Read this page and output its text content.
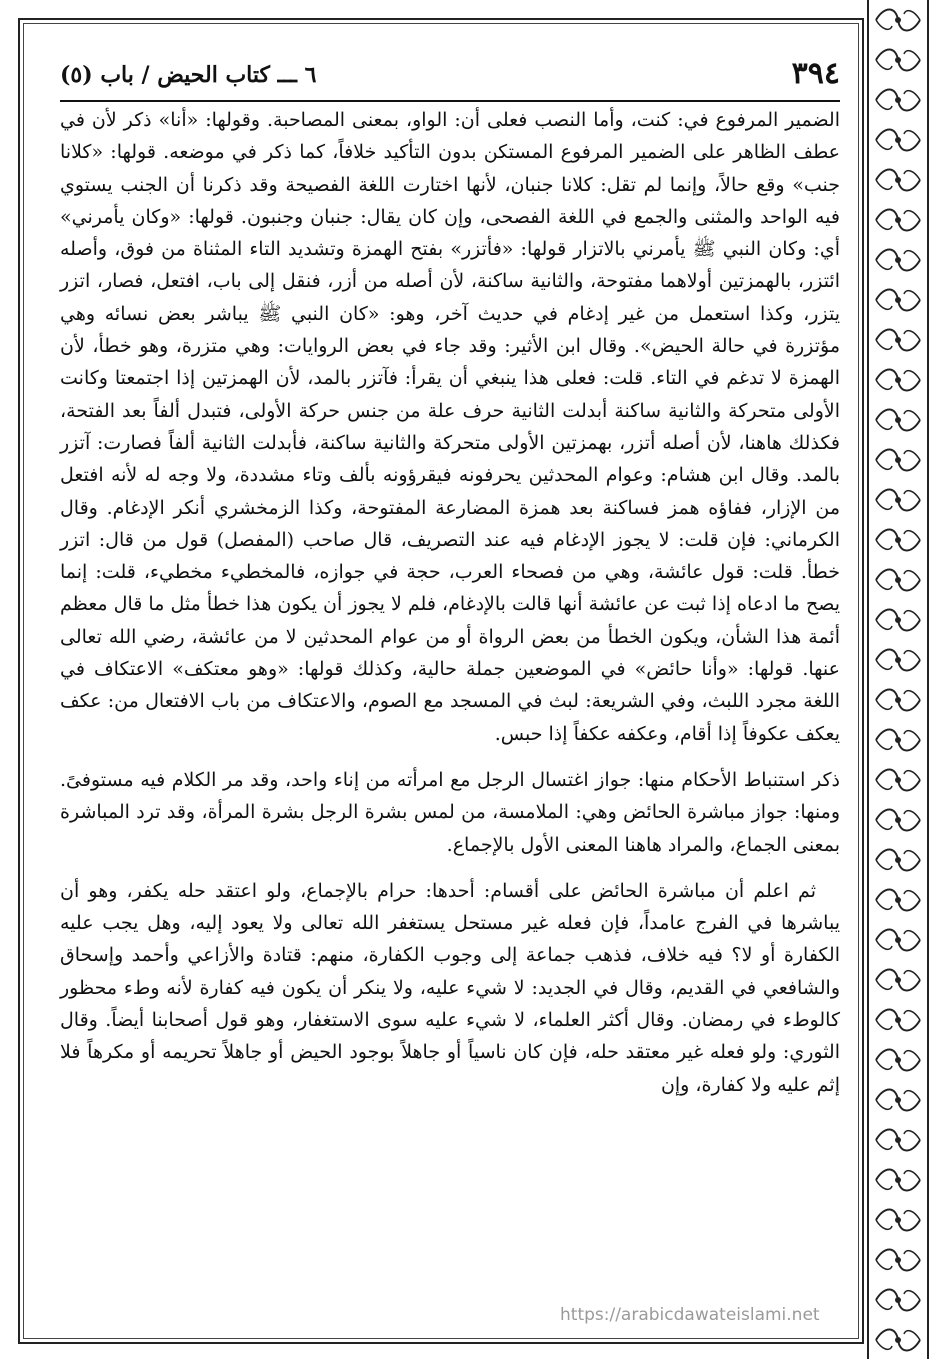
٣٩٤
٦ ـــ كتاب الحيض / باب (٥)

الضمير المرفوع في: كنت، وأما النصب فعلى أن: الواو، بمعنى المصاحبة. وقولها: «أنا» ذكر لأن في عطف الظاهر على الضمير المرفوع المستكن بدون التأكيد خلافاً، كما ذكر في موضعه. قولها: «كلانا جنب» وقع حالاً، وإنما لم تقل: كلانا جنبان، لأنها اختارت اللغة الفصيحة وقد ذكرنا أن الجنب يستوي فيه الواحد والمثنى والجمع في اللغة الفصحى، وإن كان يقال: جنبان وجنبون. قولها: «وكان يأمرني» أي: وكان النبي ﷺ يأمرني بالاتزار قولها: «فأتزر» بفتح الهمزة وتشديد التاء المثناة من فوق، وأصله ائتزر، بالهمزتين أولاهما مفتوحة، والثانية ساكنة، لأن أصله من أزر، فنقل إلى باب، افتعل، فصار، اتزر يتزر، وكذا استعمل من غير إدغام في حديث آخر، وهو: «كان النبي ﷺ يباشر بعض نسائه وهي مؤتزرة في حالة الحيض». وقال ابن الأثير: وقد جاء في بعض الروايات: وهي متزرة، وهو خطأ، لأن الهمزة لا تدغم في التاء. قلت: فعلى هذا ينبغي أن يقرأ: فآتزر بالمد، لأن الهمزتين إذا اجتمعتا وكانت الأولى متحركة والثانية ساكنة أبدلت الثانية حرف علة من جنس حركة الأولى، فتبدل ألفاً بعد الفتحة، فكذلك هاهنا، لأن أصله أتزر، بهمزتين الأولى متحركة والثانية ساكنة، فأبدلت الثانية ألفاً فصارت: آتزر بالمد. وقال ابن هشام: وعوام المحدثين يحرفونه فيقرؤونه بألف وتاء مشددة، ولا وجه له لأنه افتعل من الإزار، ففاؤه همز فساكنة بعد همزة المضارعة المفتوحة، وكذا الزمخشري أنكر الإدغام. وقال الكرماني: فإن قلت: لا يجوز الإدغام فيه عند التصريف، قال صاحب (المفصل) قول من قال: اتزر خطأ. قلت: قول عائشة، وهي من فصحاء العرب، حجة في جوازه، فالمخطيء مخطيء، قلت: إنما يصح ما ادعاه إذا ثبت عن عائشة أنها قالت بالإدغام، فلم لا يجوز أن يكون هذا خطأ مثل ما قال معظم أئمة هذا الشأن، ويكون الخطأ من بعض الرواة أو من عوام المحدثين لا من عائشة، رضي الله تعالى عنها. قولها: «وأنا حائض» في الموضعين جملة حالية، وكذلك قولها: «وهو معتكف» الاعتكاف في اللغة مجرد اللبث، وفي الشريعة: لبث في المسجد مع الصوم، والاعتكاف من باب الافتعال من: عكف يعكف عكوفاً إذا أقام، وعكفه عكفاً إذا حبس.

ذكر استنباط الأحكام منها: جواز اغتسال الرجل مع امرأته من إناء واحد، وقد مر الكلام فيه مستوفىً. ومنها: جواز مباشرة الحائض وهي: الملامسة، من لمس بشرة الرجل بشرة المرأة، وقد ترد المباشرة بمعنى الجماع، والمراد هاهنا المعنى الأول بالإجماع.

ثم اعلم أن مباشرة الحائض على أقسام: أحدها: حرام بالإجماع، ولو اعتقد حله يكفر، وهو أن يباشرها في الفرج عامداً، فإن فعله غير مستحل يستغفر الله تعالى ولا يعود إليه، وهل يجب عليه الكفارة أو لا؟ فيه خلاف، فذهب جماعة إلى وجوب الكفارة، منهم: قتادة والأزاعي وأحمد وإسحاق والشافعي في القديم، وقال في الجديد: لا شيء عليه، ولا ينكر أن يكون فيه كفارة لأنه وطء محظور كالوطء في رمضان. وقال أكثر العلماء، لا شيء عليه سوى الاستغفار، وهو قول أصحابنا أيضاً. وقال الثوري: ولو فعله غير معتقد حله، فإن كان ناسياً أو جاهلاً بوجود الحيض أو جاهلاً تحريمه أو مكرهاً فلا إثم عليه ولا كفارة، وإن

https://arabicdawateislami.net
